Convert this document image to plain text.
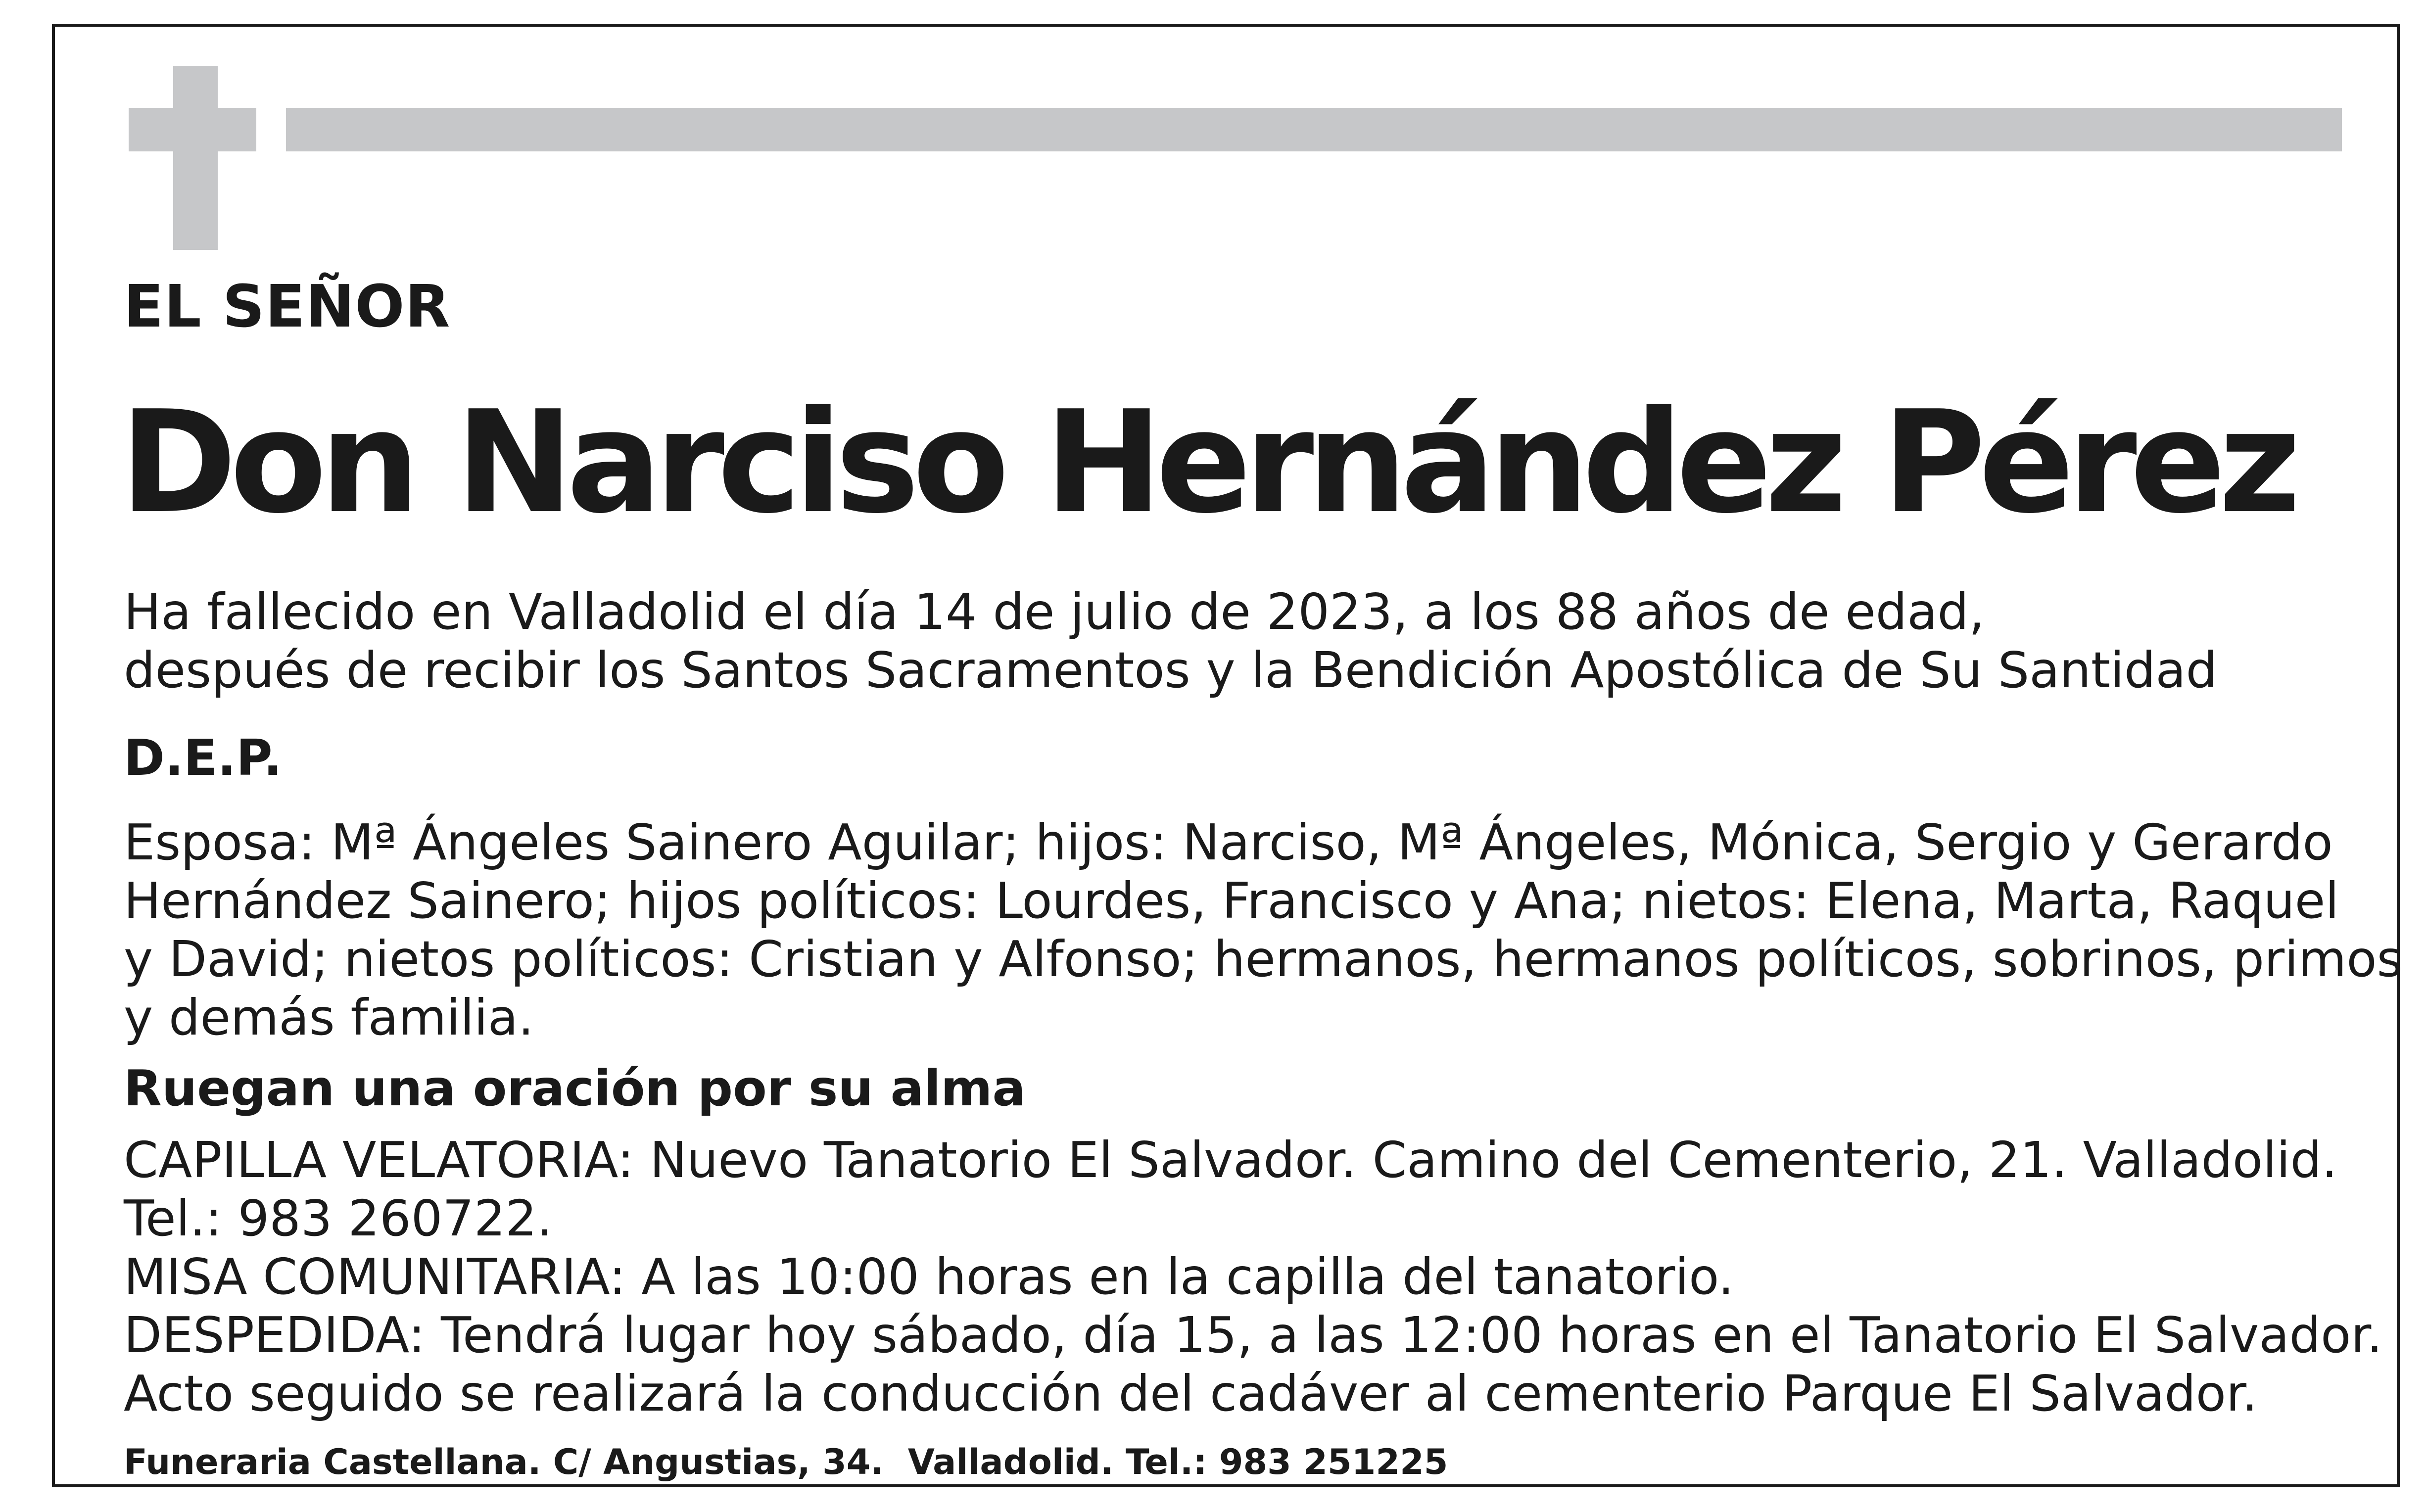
EL SEÑOR
Don Narciso Hernández Pérez
Ha fallecido en Valladolid el día 14 de julio de 2023, a los 88 años de edad,
después de recibir los Santos Sacramentos y la Bendición Apostólica de Su Santidad
D.E.P.
Esposa: Mª Ángeles Sainero Aguilar; hijos: Narciso, Mª Ángeles, Mónica, Sergio y Gerardo
Hernández Sainero; hijos políticos: Lourdes, Francisco y Ana; nietos: Elena, Marta, Raquel
y David; nietos políticos: Cristian y Alfonso; hermanos, hermanos políticos, sobrinos, primos
y demás familia.
Ruegan una oración por su alma
CAPILLA VELATORIA: Nuevo Tanatorio El Salvador. Camino del Cementerio, 21. Valladolid.
Tel.: 983 260722.
MISA COMUNITARIA: A las 10:00 horas en la capilla del tanatorio.
DESPEDIDA: Tendrá lugar hoy sábado, día 15, a las 12:00 horas en el Tanatorio El Salvador.
Acto seguido se realizará la conducción del cadáver al cementerio Parque El Salvador.
Funeraria Castellana. C/ Angustias, 34.  Valladolid. Tel.: 983 251225
